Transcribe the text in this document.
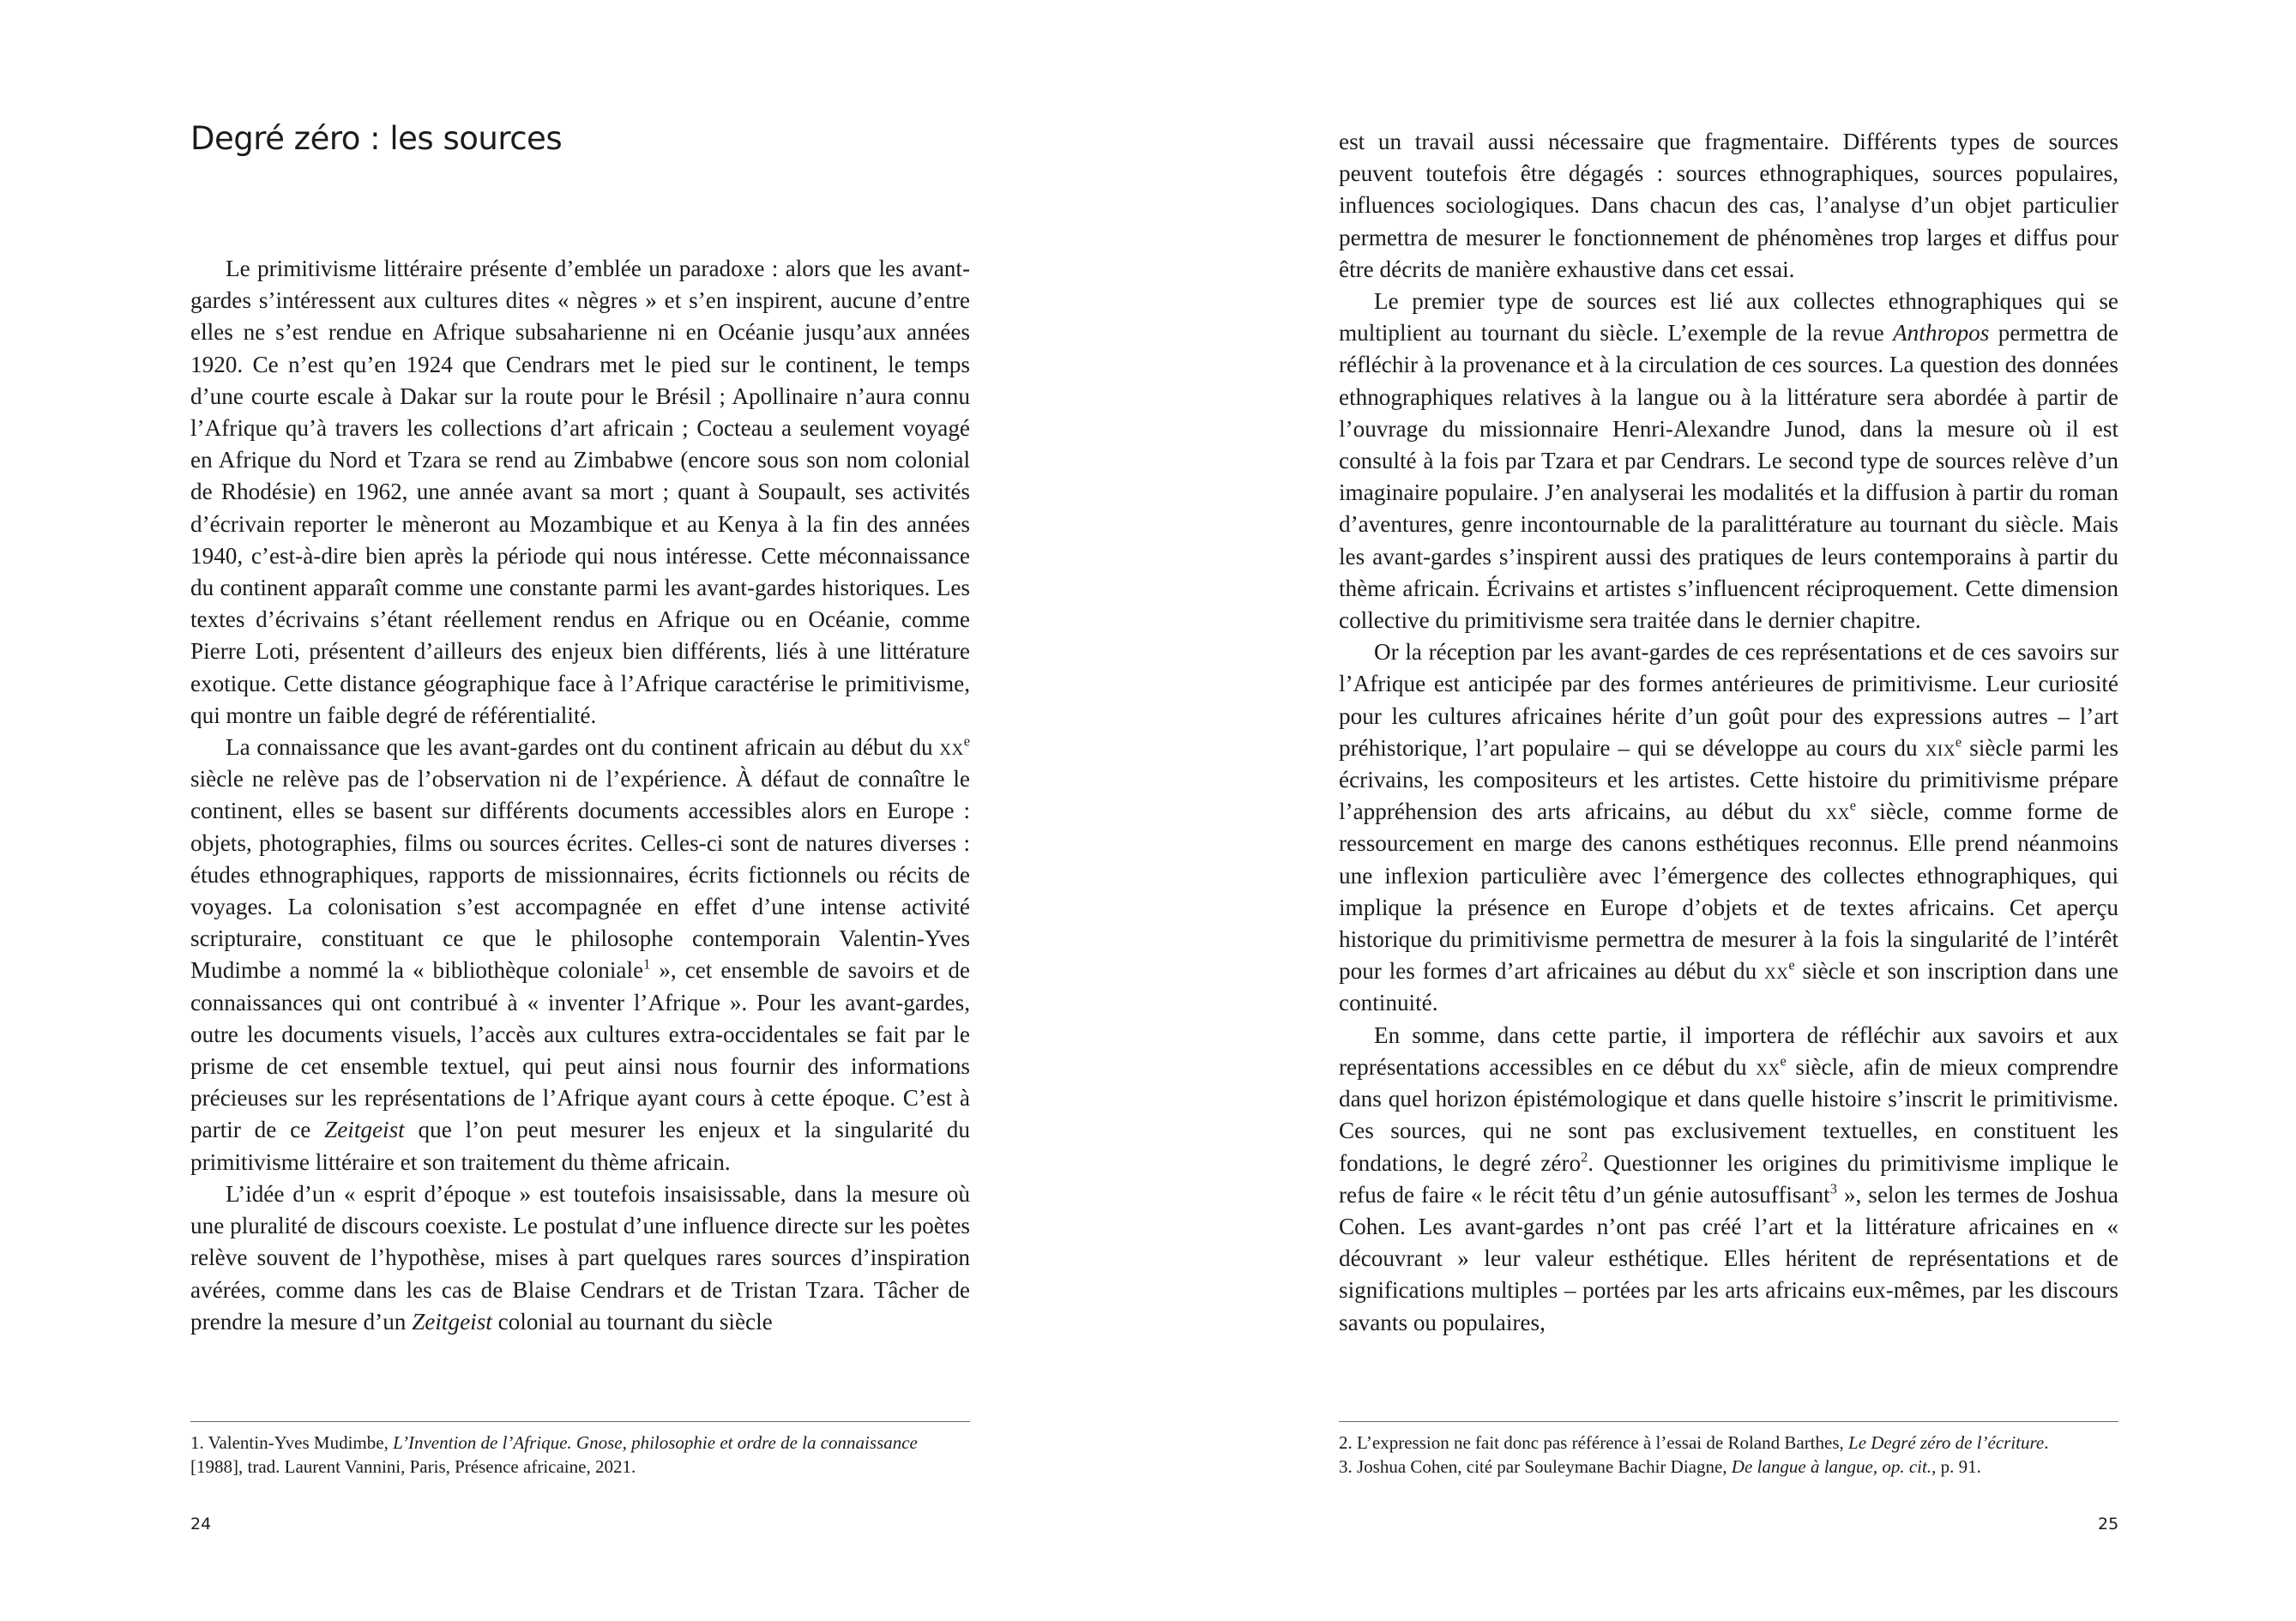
Degré zéro : les sources

Le primitivisme littéraire présente d’emblée un paradoxe : alors que les avant-gardes s’intéressent aux cultures dites « nègres » et s’en inspirent, aucune d’entre elles ne s’est rendue en Afrique subsaharienne ni en Océanie jusqu’aux années 1920. Ce n’est qu’en 1924 que Cendrars met le pied sur le continent, le temps d’une courte escale à Dakar sur la route pour le Brésil ; Apollinaire n’aura connu l’Afrique qu’à travers les collections d’art africain ; Cocteau a seulement voyagé en Afrique du Nord et Tzara se rend au Zimbabwe (encore sous son nom colonial de Rhodésie) en 1962, une année avant sa mort ; quant à Soupault, ses activités d’écrivain reporter le mèneront au Mozambique et au Kenya à la fin des années 1940, c’est-à-dire bien après la période qui nous intéresse. Cette méconnaissance du continent apparaît comme une constante parmi les avant-gardes historiques. Les textes d’écrivains s’étant réellement rendus en Afrique ou en Océanie, comme Pierre Loti, présentent d’ailleurs des enjeux bien différents, liés à une littérature exotique. Cette distance géographique face à l’Afrique caractérise le primitivisme, qui montre un faible degré de référentialité.

La connaissance que les avant-gardes ont du continent africain au début du $xx^e$ siècle ne relève pas de l’observation ni de l’expérience. À défaut de connaître le continent, elles se basent sur différents documents accessibles alors en Europe : objets, photographies, films ou sources écrites. Celles-ci sont de natures diverses : études ethnographiques, rapports de missionnaires, écrits fictionnels ou récits de voyages. La colonisation s’est accompagnée en effet d’une intense activité scripturaire, constituant ce que le philosophe contemporain Valentin-Yves Mudimbe a nommé la « bibliothèque coloniale$^1$ », cet ensemble de savoirs et de connaissances qui ont contribué à « inventer l’Afrique ». Pour les avant-gardes, outre les documents visuels, l’accès aux cultures extra-occidentales se fait par le prisme de cet ensemble textuel, qui peut ainsi nous fournir des informations précieuses sur les représentations de l’Afrique ayant cours à cette époque. C’est à partir de ce Zeitgeist que l’on peut mesurer les enjeux et la singularité du primitivisme littéraire et son traitement du thème africain.

L’idée d’un « esprit d’époque » est toutefois insaisissable, dans la mesure où une pluralité de discours coexiste. Le postulat d’une influence directe sur les poètes relève souvent de l’hypothèse, mises à part quelques rares sources d’inspiration avérées, comme dans les cas de Blaise Cendrars et de Tristan Tzara. Tâcher de prendre la mesure d’un Zeitgeist colonial au tournant du siècle

1. Valentin-Yves Mudimbe, L’Invention de l’Afrique. Gnose, philosophie et ordre de la connaissance [1988], trad. Laurent Vannini, Paris, Présence africaine, 2021.

24

est un travail aussi nécessaire que fragmentaire. Différents types de sources peuvent toutefois être dégagés : sources ethnographiques, sources populaires, influences sociologiques. Dans chacun des cas, l’analyse d’un objet particulier permettra de mesurer le fonctionnement de phénomènes trop larges et diffus pour être décrits de manière exhaustive dans cet essai.

Le premier type de sources est lié aux collectes ethnographiques qui se multiplient au tournant du siècle. L’exemple de la revue Anthropos permettra de réfléchir à la provenance et à la circulation de ces sources. La question des données ethnographiques relatives à la langue ou à la littérature sera abordée à partir de l’ouvrage du missionnaire Henri-Alexandre Junod, dans la mesure où il est consulté à la fois par Tzara et par Cendrars. Le second type de sources relève d’un imaginaire populaire. J’en analyserai les modalités et la diffusion à partir du roman d’aventures, genre incontournable de la paralittérature au tournant du siècle. Mais les avant-gardes s’inspirent aussi des pratiques de leurs contemporains à partir du thème africain. Écrivains et artistes s’influencent réciproquement. Cette dimension collective du primitivisme sera traitée dans le dernier chapitre.

Or la réception par les avant-gardes de ces représentations et de ces savoirs sur l’Afrique est anticipée par des formes antérieures de primitivisme. Leur curiosité pour les cultures africaines hérite d’un goût pour des expressions autres – l’art préhistorique, l’art populaire – qui se développe au cours du xix$^e$ siècle parmi les écrivains, les compositeurs et les artistes. Cette histoire du primitivisme prépare l’appréhension des arts africains, au début du $xx^e$ siècle, comme forme de ressourcement en marge des canons esthétiques reconnus. Elle prend néanmoins une inflexion particulière avec l’émergence des collectes ethnographiques, qui implique la présence en Europe d’objets et de textes africains. Cet aperçu historique du primitivisme permettra de mesurer à la fois la singularité de l’intérêt pour les formes d’art africaines au début du $xx^e$ siècle et son inscription dans une continuité.

En somme, dans cette partie, il importera de réfléchir aux savoirs et aux représentations accessibles en ce début du $xx^e$ siècle, afin de mieux comprendre dans quel horizon épistémologique et dans quelle histoire s’inscrit le primitivisme. Ces sources, qui ne sont pas exclusivement textuelles, en constituent les fondations, le degré zéro$^2$. Questionner les origines du primitivisme implique le refus de faire « le récit têtu d’un génie autosuffisant$^3$ », selon les termes de Joshua Cohen. Les avant-gardes n’ont pas créé l’art et la littérature africaines en « découvrant » leur valeur esthétique. Elles héritent de représentations et de significations multiples – portées par les arts africains eux-mêmes, par les discours savants ou populaires,

2. L’expression ne fait donc pas référence à l’essai de Roland Barthes, Le Degré zéro de l’écriture.

3. Joshua Cohen, cité par Souleymane Bachir Diagne, De langue à langue, op. cit., p. 91.

25
